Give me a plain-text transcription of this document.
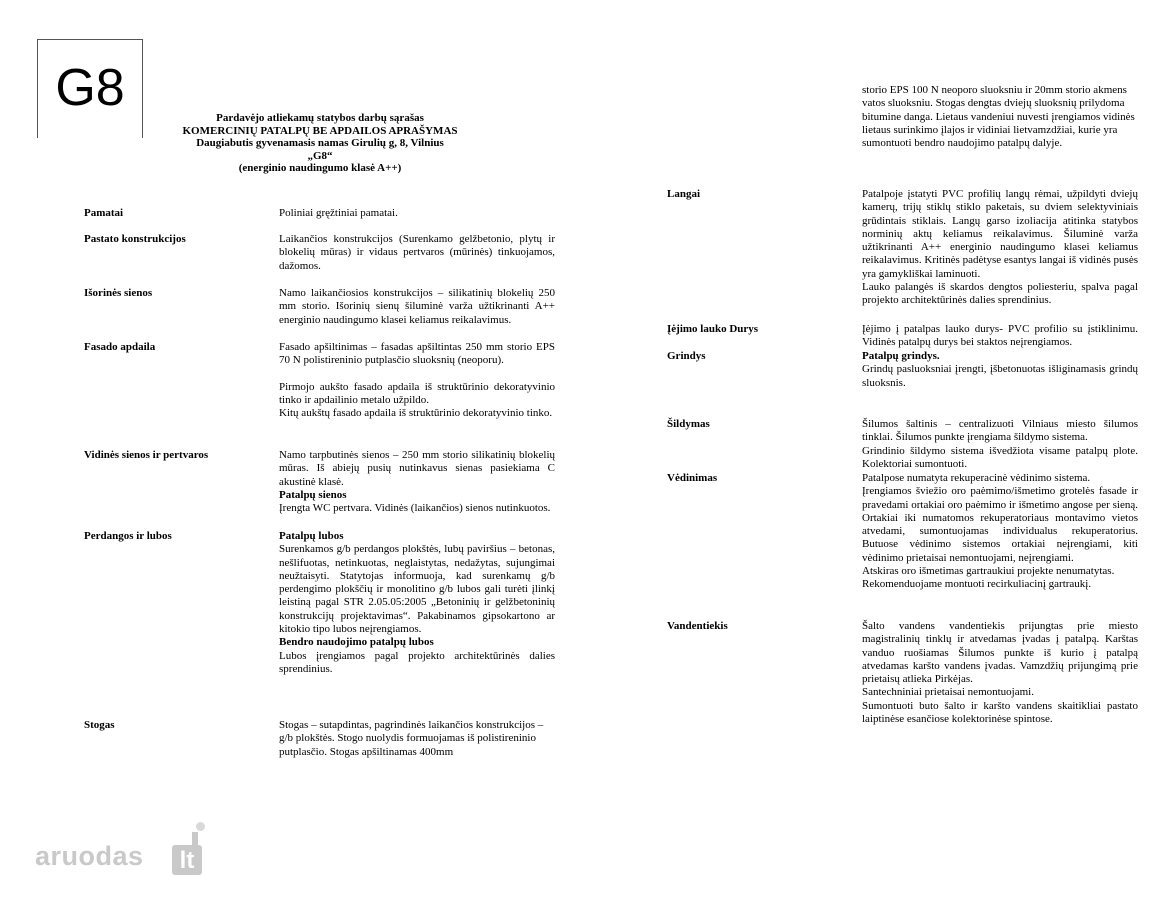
G8
Pardavėjo atliekamų statybos darbų sąrašas
KOMERCINIŲ PATALPŲ BE APDAILOS APRAŠYMAS
Daugiabutis gyvenamasis namas Girulių g, 8, Vilnius
„G8“
(energinio naudingumo klasė A++)
Pamatai	Poliniai gręžtiniai pamatai.

Pastato konstrukcijos	Laikančios konstrukcijos (Surenkamo gelžbetonio, plytų ir blokelių mūras) ir vidaus pertvaros (mūrinės) tinkuojamos, dažomos.

Išorinės sienos	Namo laikančiosios konstrukcijos – silikatinių blokelių 250 mm storio. Išorinių sienų šiluminė varža užtikrinanti A++ energinio naudingumo klasei keliamus reikalavimus.

Fasado apdaila	Fasado apšiltinimas – fasadas apšiltintas 250 mm storio EPS 70 N polistireninio putplasčio sluoksnių (neoporu).

Pirmojo aukšto fasado apdaila iš struktūrinio dekoratyvinio tinko ir apdailinio metalo užpildo.

Kitų aukštų fasado apdaila iš struktūrinio dekoratyvinio tinko.

Vidinės sienos ir pertvaros	Namo tarpbutinės sienos – 250 mm storio silikatinių blokelių mūras. Iš abiejų pusių nutinkavus sienas pasiekiama C akustinė klasė.

Patalpų sienos

Įrengta WC pertvara. Vidinės (laikančios) sienos nutinkuotos.

Perdangos ir lubos	Patalpų lubos

Surenkamos g/b perdangos plokštės, lubų paviršius – betonas, nešlifuotas, netinkuotas, neglaistytas, nedažytas, sujungimai neužtaisyti. Statytojas informuoja, kad surenkamų g/b perdengimo plokščių ir monolitino g/b lubos gali turėti įlinkį leistiną pagal STR 2.05.05:2005 „Betoninių ir gelžbetoninių konstrukcijų projektavimas“. Pakabinamos gipsokartono ar kitokio tipo lubos neįrengiamos.

Bendro naudojimo patalpų lubos

Lubos įrengiamos pagal projekto architektūrinės dalies sprendinius.

Stogas	Stogas – sutapdintas, pagrindinės laikančios konstrukcijos – g/b plokštės. Stogo nuolydis formuojamas iš polistireninio putplasčio. Stogas apšiltinamas 400mm

storio EPS 100 N neoporo sluoksniu ir 20mm storio akmens vatos sluoksniu. Stogas dengtas dviejų sluoksnių prilydoma bitumine danga. Lietaus vandeniui nuvesti įrengiamos vidinės lietaus surinkimo įlajos ir vidiniai lietvamzdžiai, kurie yra sumontuoti bendro naudojimo patalpų dalyje.

Langai	Patalpoje įstatyti PVC profilių langų rėmai, užpildyti dviejų kamerų, trijų stiklų stiklo paketais, su dviem selektyviniais grūdintais stiklais. Langų garso izoliacija atitinka statybos norminių aktų keliamus reikalavimus. Šiluminė varža užtikrinanti A++ energinio naudingumo klasei keliamus reikalavimus. Kritinės padėtyse esantys langai iš vidinės pusės yra gamykliškai laminuoti.

Lauko palangės iš skardos dengtos poliesteriu, spalva pagal projekto architektūrinės dalies sprendinius.

Įėjimo lauko Durys	Įėjimo į patalpas lauko durys- PVC profilio su įstiklinimu. Vidinės patalpų durys bei staktos neįrengiamos.

Grindys	Patalpų grindys.

Grindų pasluoksniai įrengti, įšbetonuotas išliginamasis grindų sluoksnis.

Šildymas	Šilumos šaltinis – centralizuoti Vilniaus miesto šilumos tinklai. Šilumos punkte įrengiama šildymo sistema.

Grindinio šildymo sistema išvedžiota visame patalpų plote. Kolektoriai sumontuoti.

Vėdinimas	Patalpose numatyta rekuperacinė vėdinimo sistema.

Įrengiamos šviežio oro paėmimo/išmetimo grotelės fasade ir pravedami ortakiai oro paėmimo ir išmetimo angose per sieną. Ortakiai iki numatomos rekuperatoriaus montavimo vietos atvedami, sumontuojamas individualus rekuperatorius. Butuose vėdinimo sistemos ortakiai neįrengiami, kiti vėdinimo prietaisai nemontuojami, neįrengiami.

Atskiras oro išmetimas gartraukiui projekte nenumatytas.

Rekomenduojame montuoti recirkuliacinį gartraukį.

Vandentiekis	Šalto vandens vandentiekis prijungtas prie miesto magistralinių tinklų ir atvedamas įvadas į patalpą. Karštas vanduo ruošiamas Šilumos punkte iš kurio į patalpą atvedamas karšto vandens įvadas. Vamzdžių prijungimą prie prietaisų atlieka Pirkėjas.

Santechniniai prietaisai nemontuojami.

Sumontuoti buto šalto ir karšto vandens skaitikliai pastato laiptinėse esančiose kolektorinėse spintose.

aruodas	lt
